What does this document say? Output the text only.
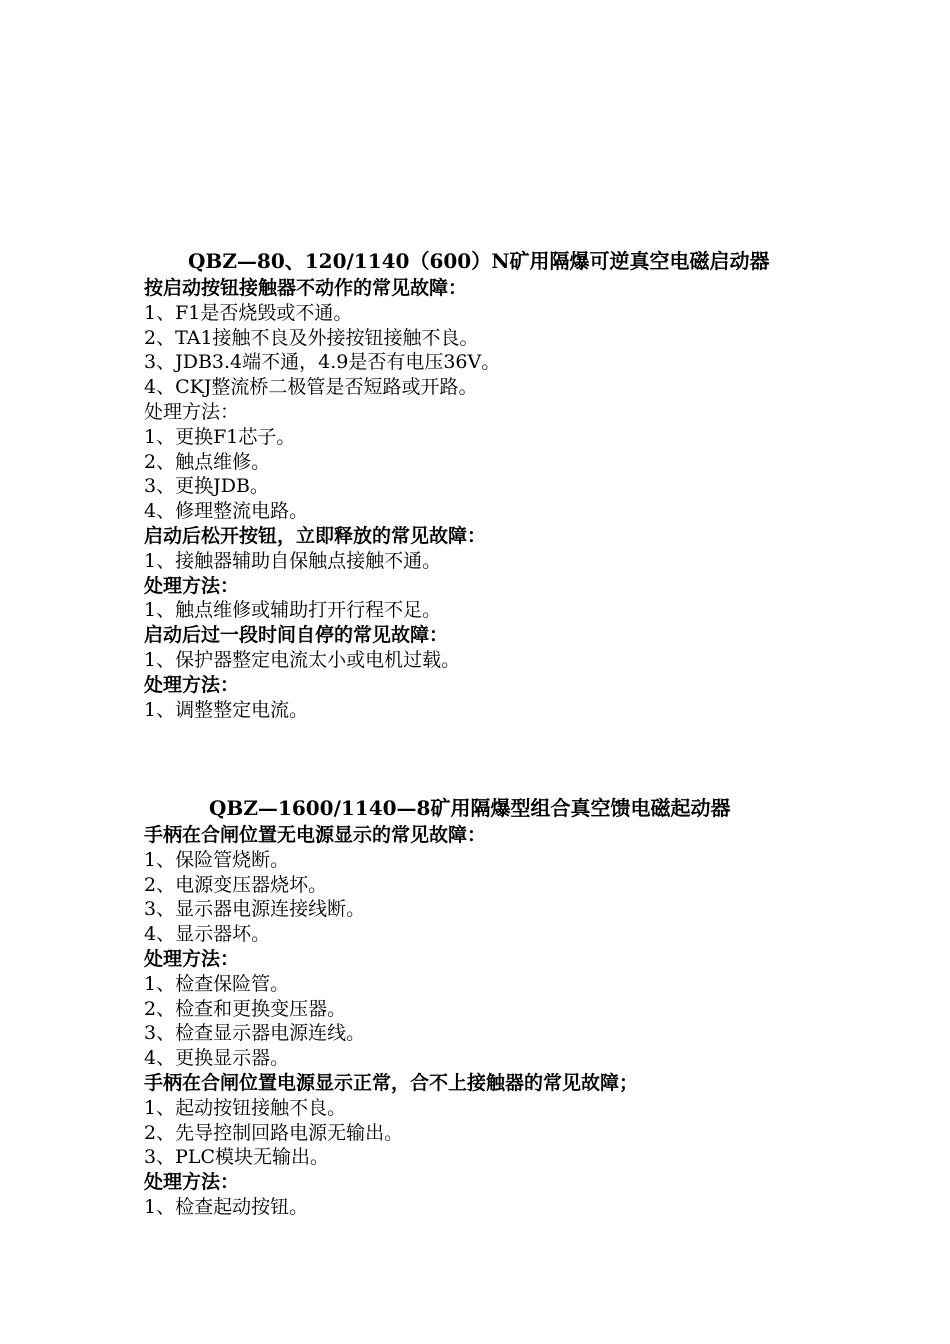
QBZ—80、120/1140（600）N矿用隔爆可逆真空电磁启动器
按启动按钮接触器不动作的常见故障：
1、F1是否烧毁或不通。
2、TA1接触不良及外接按钮接触不良。
3、JDB3.4端不通，4.9是否有电压36V。
4、CKJ整流桥二极管是否短路或开路。
处理方法：
1、更换F1芯子。
2、触点维修。
3、更换JDB。
4、修理整流电路。
启动后松开按钮，立即释放的常见故障：
1、接触器辅助自保触点接触不通。
处理方法：
1、触点维修或辅助打开行程不足。
启动后过一段时间自停的常见故障：
1、保护器整定电流太小或电机过载。
处理方法：
1、调整整定电流。
QBZ—1600/1140—8矿用隔爆型组合真空馈电磁起动器
手柄在合闸位置无电源显示的常见故障：
1、保险管烧断。
2、电源变压器烧坏。
3、显示器电源连接线断。
4、显示器坏。
处理方法：
1、检查保险管。
2、检查和更换变压器。
3、检查显示器电源连线。
4、更换显示器。
手柄在合闸位置电源显示正常，合不上接触器的常见故障；
1、起动按钮接触不良。
2、先导控制回路电源无输出。
3、PLC模块无输出。
处理方法：
1、检查起动按钮。
